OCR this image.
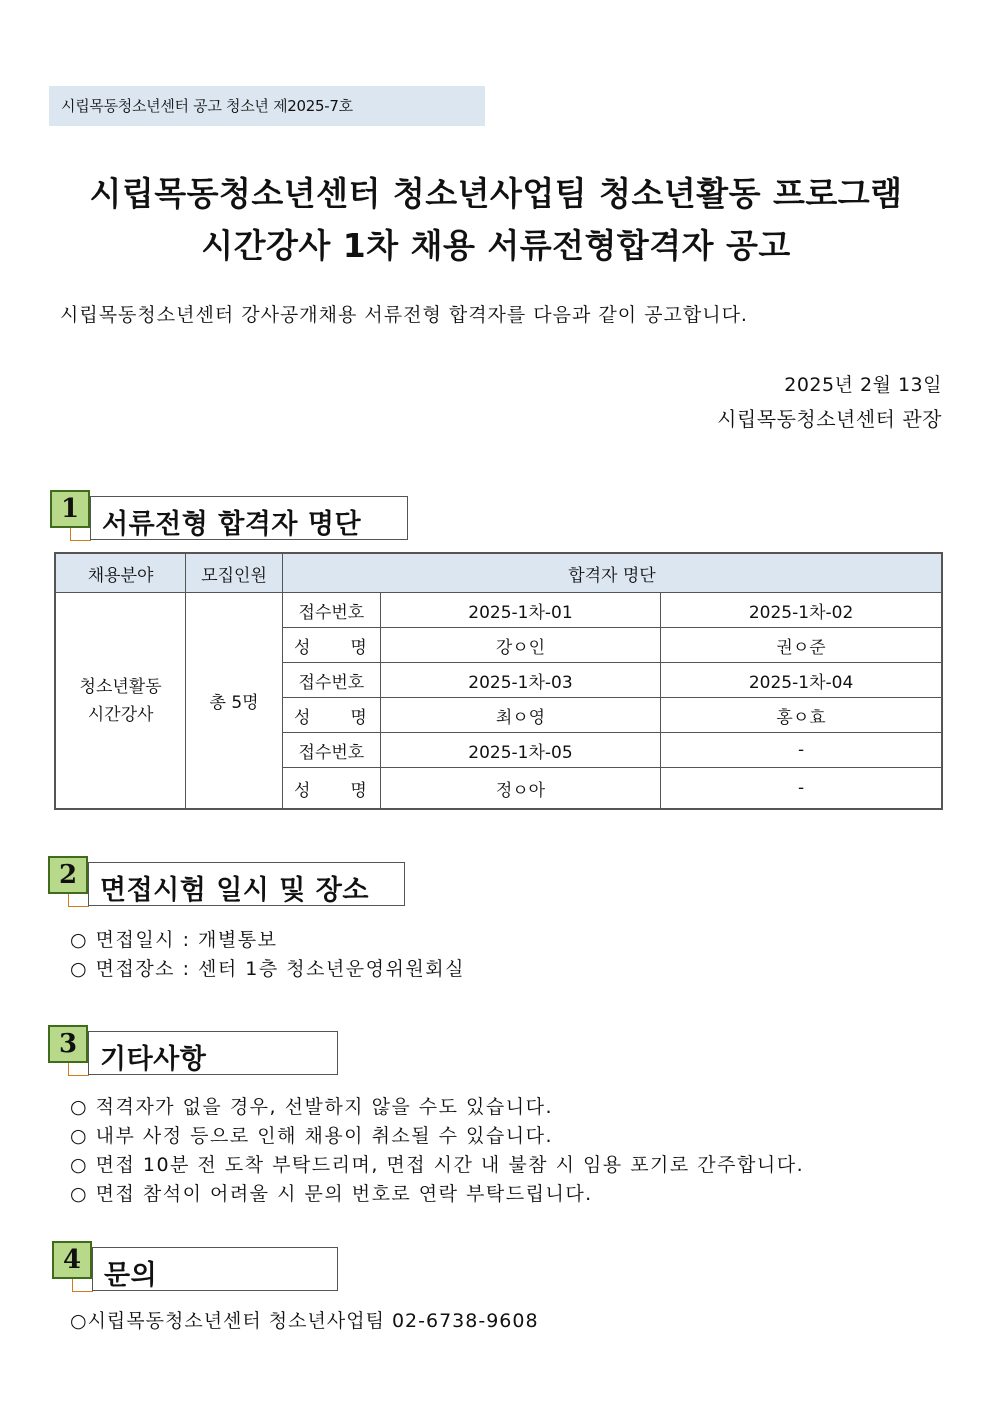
시립목동청소년센터 공고 청소년 제2025-7호
시립목동청소년센터 청소년사업팀 청소년활동 프로그램
시간강사 1차 채용 서류전형합격자 공고
시립목동청소년센터 강사공개채용 서류전형 합격자를 다음과 같이 공고합니다.
2025년 2월 13일
시립목동청소년센터 관장
1 서류전형 합격자 명단
채용분야	모집인원	합격자 명단		

청소년활동
시간강사	총 5명	접수번호	2025-1차-01	2025-1차-02
		성　　명	강ㅇ인	권ㅇ준
		접수번호	2025-1차-03	2025-1차-04
		성　　명	최ㅇ영	홍ㅇ효
		접수번호	2025-1차-05	-
		성　　명	정ㅇ아	-
2 면접시험 일시 및 장소
○ 면접일시 : 개별통보
○ 면접장소 : 센터 1층 청소년운영위원회실
3 기타사항
○ 적격자가 없을 경우, 선발하지 않을 수도 있습니다.
○ 내부 사정 등으로 인해 채용이 취소될 수 있습니다.
○ 면접 10분 전 도착 부탁드리며, 면접 시간 내 불참 시 임용 포기로 간주합니다.
○ 면접 참석이 어려울 시 문의 번호로 연락 부탁드립니다.
4 문의
○시립목동청소년센터 청소년사업팀 02-6738-9608
